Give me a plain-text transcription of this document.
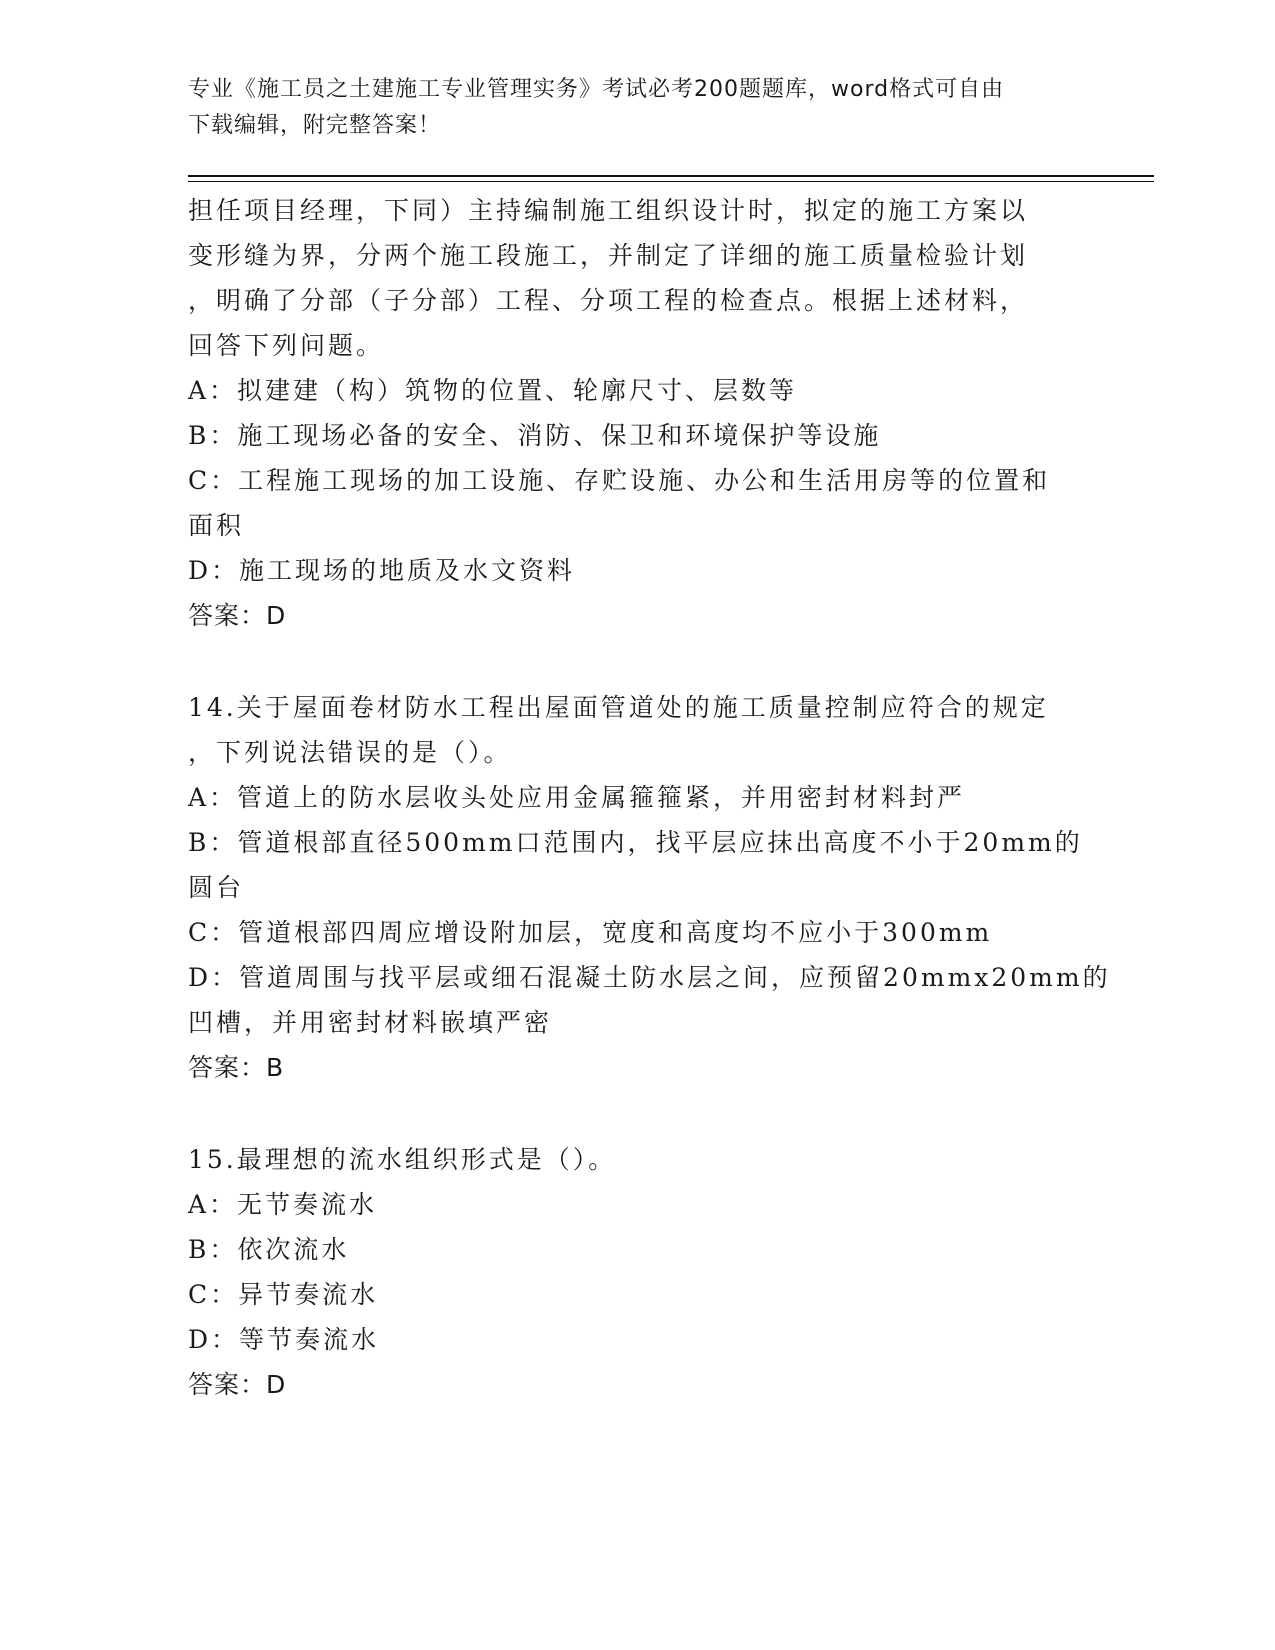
专业《施工员之土建施工专业管理实务》考试必考200题题库，word格式可自由
下载编辑，附完整答案！
担任项目经理，下同）主持编制施工组织设计时，拟定的施工方案以
变形缝为界，分两个施工段施工，并制定了详细的施工质量检验计划
，明确了分部（子分部）工程、分项工程的检查点。根据上述材料，
回答下列问题。
A：拟建建（构）筑物的位置、轮廓尺寸、层数等
B：施工现场必备的安全、消防、保卫和环境保护等设施
C：工程施工现场的加工设施、存贮设施、办公和生活用房等的位置和
面积
D：施工现场的地质及水文资料
答案：D
14.关于屋面卷材防水工程出屋面管道处的施工质量控制应符合的规定
，下列说法错误的是（）。
A：管道上的防水层收头处应用金属箍箍紧，并用密封材料封严
B：管道根部直径500mm口范围内，找平层应抹出高度不小于20mm的
圆台
C：管道根部四周应增设附加层，宽度和高度均不应小于300mm
D：管道周围与找平层或细石混凝土防水层之间，应预留20mmx20mm的
凹槽，并用密封材料嵌填严密
答案：B
15.最理想的流水组织形式是（）。
A：无节奏流水
B：依次流水
C：异节奏流水
D：等节奏流水
答案：D
